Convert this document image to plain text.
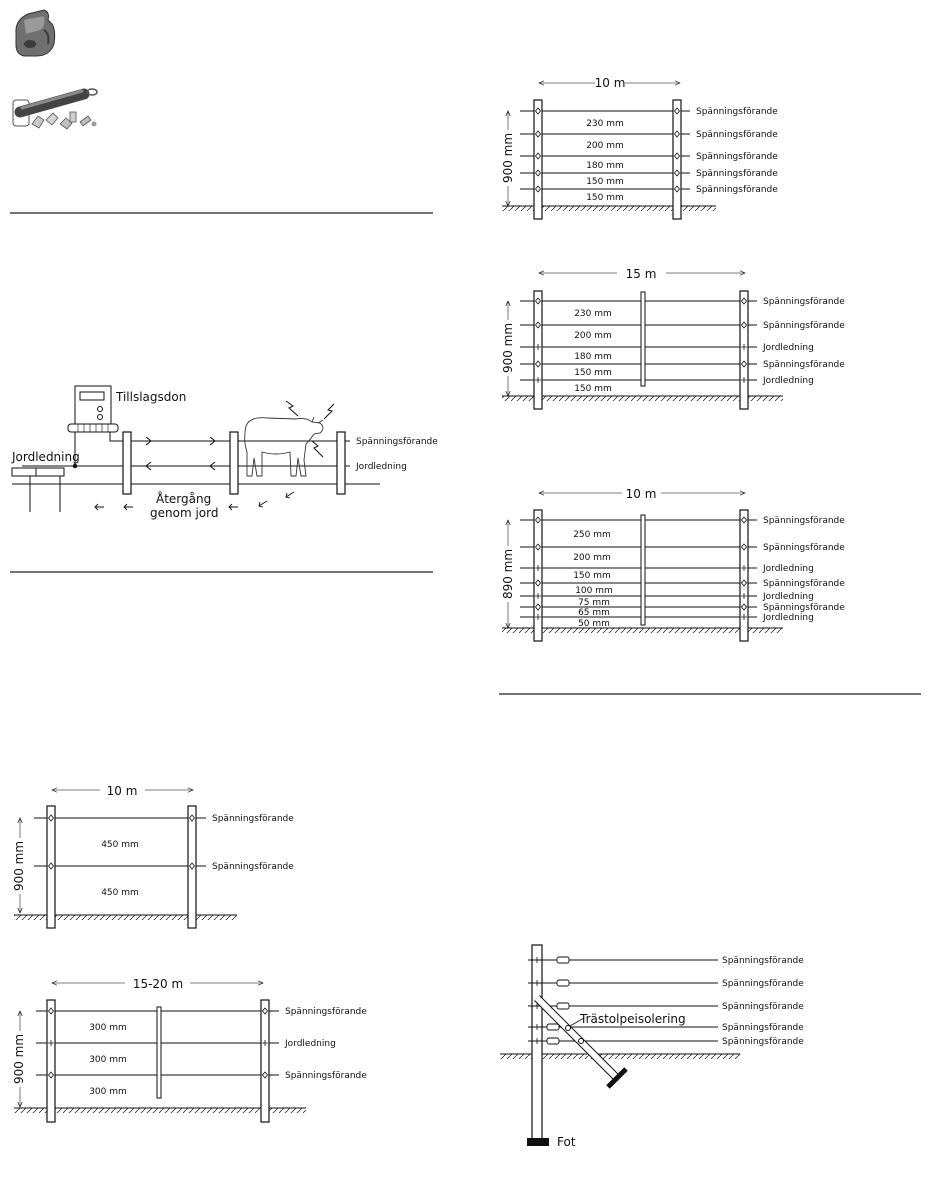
Tillslagsdon
Jordledning
Återgång
genom jord
Spänningsförande
Jordledning
10 m
900 mm	450 mm
450 mm
Spänningsförande
Spänningsförande
15-20 m
900 mm
300 mm
300 mm
300 mm
Spänningsförande
Jordledning
Spänningsförande
10 m
900 mm
230 mm
200 mm
180 mm
150 mm
150 mm
Spänningsförande
Spänningsförande
Spänningsförande
Spänningsförande
Spänningsförande
15 m
900 mm
230 mm
200 mm
180 mm
150 mm
150 mm
Spänningsförande
Spänningsförande
Jordledning
Spänningsförande
Jordledning
10 m
890 mm
250 mm
200 mm
150 mm
100 mm
75 mm
65 mm
50 mm
Spänningsförande
Spänningsförande
Jordledning
Spänningsförande
Jordledning
Spänningsförande
Jordledning
Trästolpeisolering
Fot
Spänningsförande
Spänningsförande
Spänningsförande
Spänningsförande
Spänningsförande
